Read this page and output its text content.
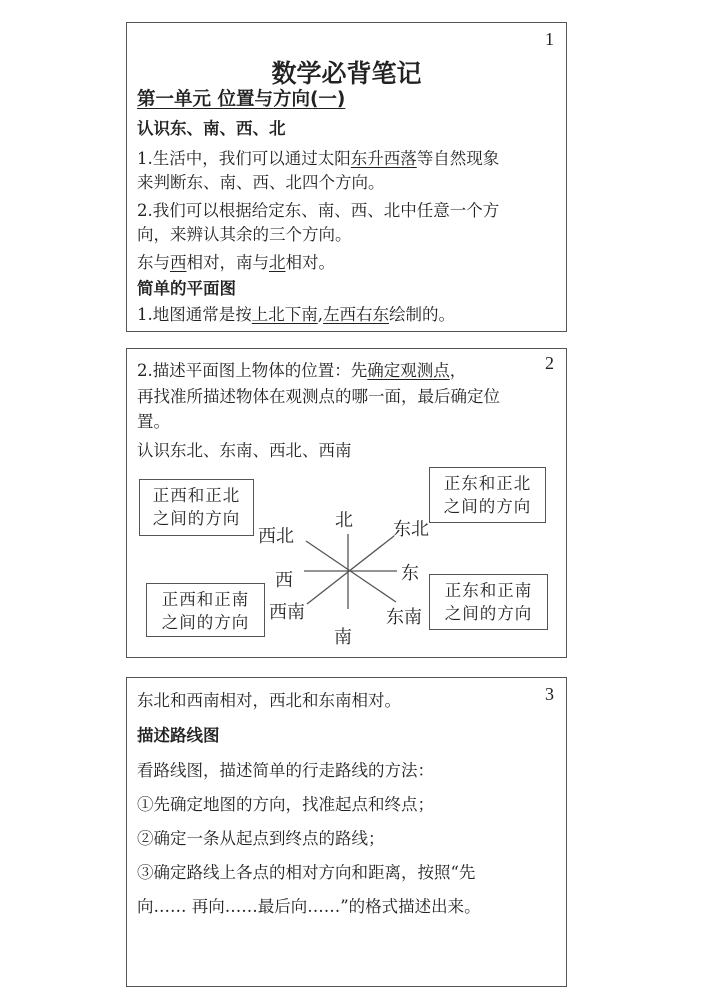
1
数学必背笔记
第一单元 位置与方向(一)
认识东、南、西、北
1.生活中，我们可以通过太阳东升西落等自然现象
来判断东、南、西、北四个方向。
2.我们可以根据给定东、南、西、北中任意一个方
向，来辨认其余的三个方向。
东与西相对，南与北相对。
简单的平面图
1.地图通常是按上北下南,左西右东绘制的。
2
2.描述平面图上物体的位置：先确定观测点，
再找准所描述物体在观测点的哪一面，最后确定位
置。
认识东北、东南、西北、西南
正西和正北
之间的方向
正东和正北
之间的方向
正西和正南
之间的方向
正东和正南
之间的方向
北
西北	东北
西	东
西南	东南
南
3
东北和西南相对，西北和东南相对。
描述路线图
看路线图，描述简单的行走路线的方法：
①先确定地图的方向，找准起点和终点；
②确定一条从起点到终点的路线；
③确定路线上各点的相对方向和距离，按照“先
向…… 再向……最后向……”的格式描述出来。
